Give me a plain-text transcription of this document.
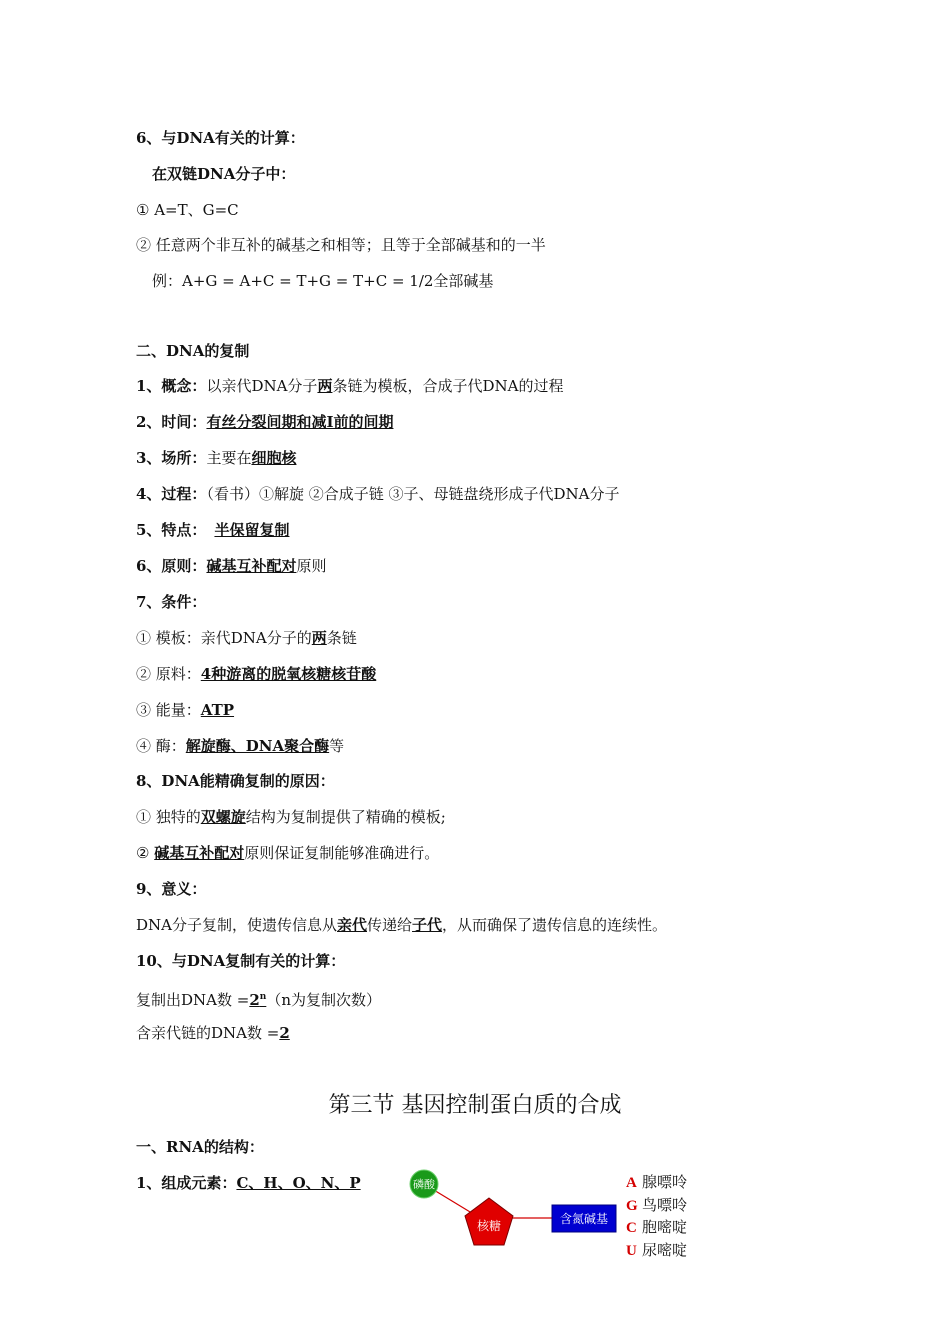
6、与DNA有关的计算：
在双链DNA分子中：
① A=T、G=C
② 任意两个非互补的碱基之和相等；且等于全部碱基和的一半
例：A+G = A+C = T+G = T+C = 1/2全部碱基
二、DNA的复制
1、概念：以亲代DNA分子两条链为模板，合成子代DNA的过程
2、时间：有丝分裂间期和减Ⅰ前的间期
3、场所：主要在细胞核
4、过程：（看书）①解旋 ②合成子链 ③子、母链盘绕形成子代DNA分子
5、特点： 半保留复制
6、原则：碱基互补配对原则
7、条件：
① 模板：亲代DNA分子的两条链
② 原料：4种游离的脱氧核糖核苷酸
③ 能量：ATP
④ 酶：解旋酶、DNA聚合酶等
8、DNA能精确复制的原因：
① 独特的双螺旋结构为复制提供了精确的模板;
② 碱基互补配对原则保证复制能够准确进行。
9、意义：
DNA分子复制，使遗传信息从亲代传递给子代，从而确保了遗传信息的连续性。
10、与DNA复制有关的计算：
复制出DNA数 $=2^n(n$为复制次数）
含亲代链的DNA数 =2
第三节 基因控制蛋白质的合成
一、RNA的结构：
1、组成元素：C、H、O、N、P	磷酸
核糖	含氮碱基
A 腺嘌呤
G 鸟嘌呤
C 胞嘧啶
U 尿嘧啶
